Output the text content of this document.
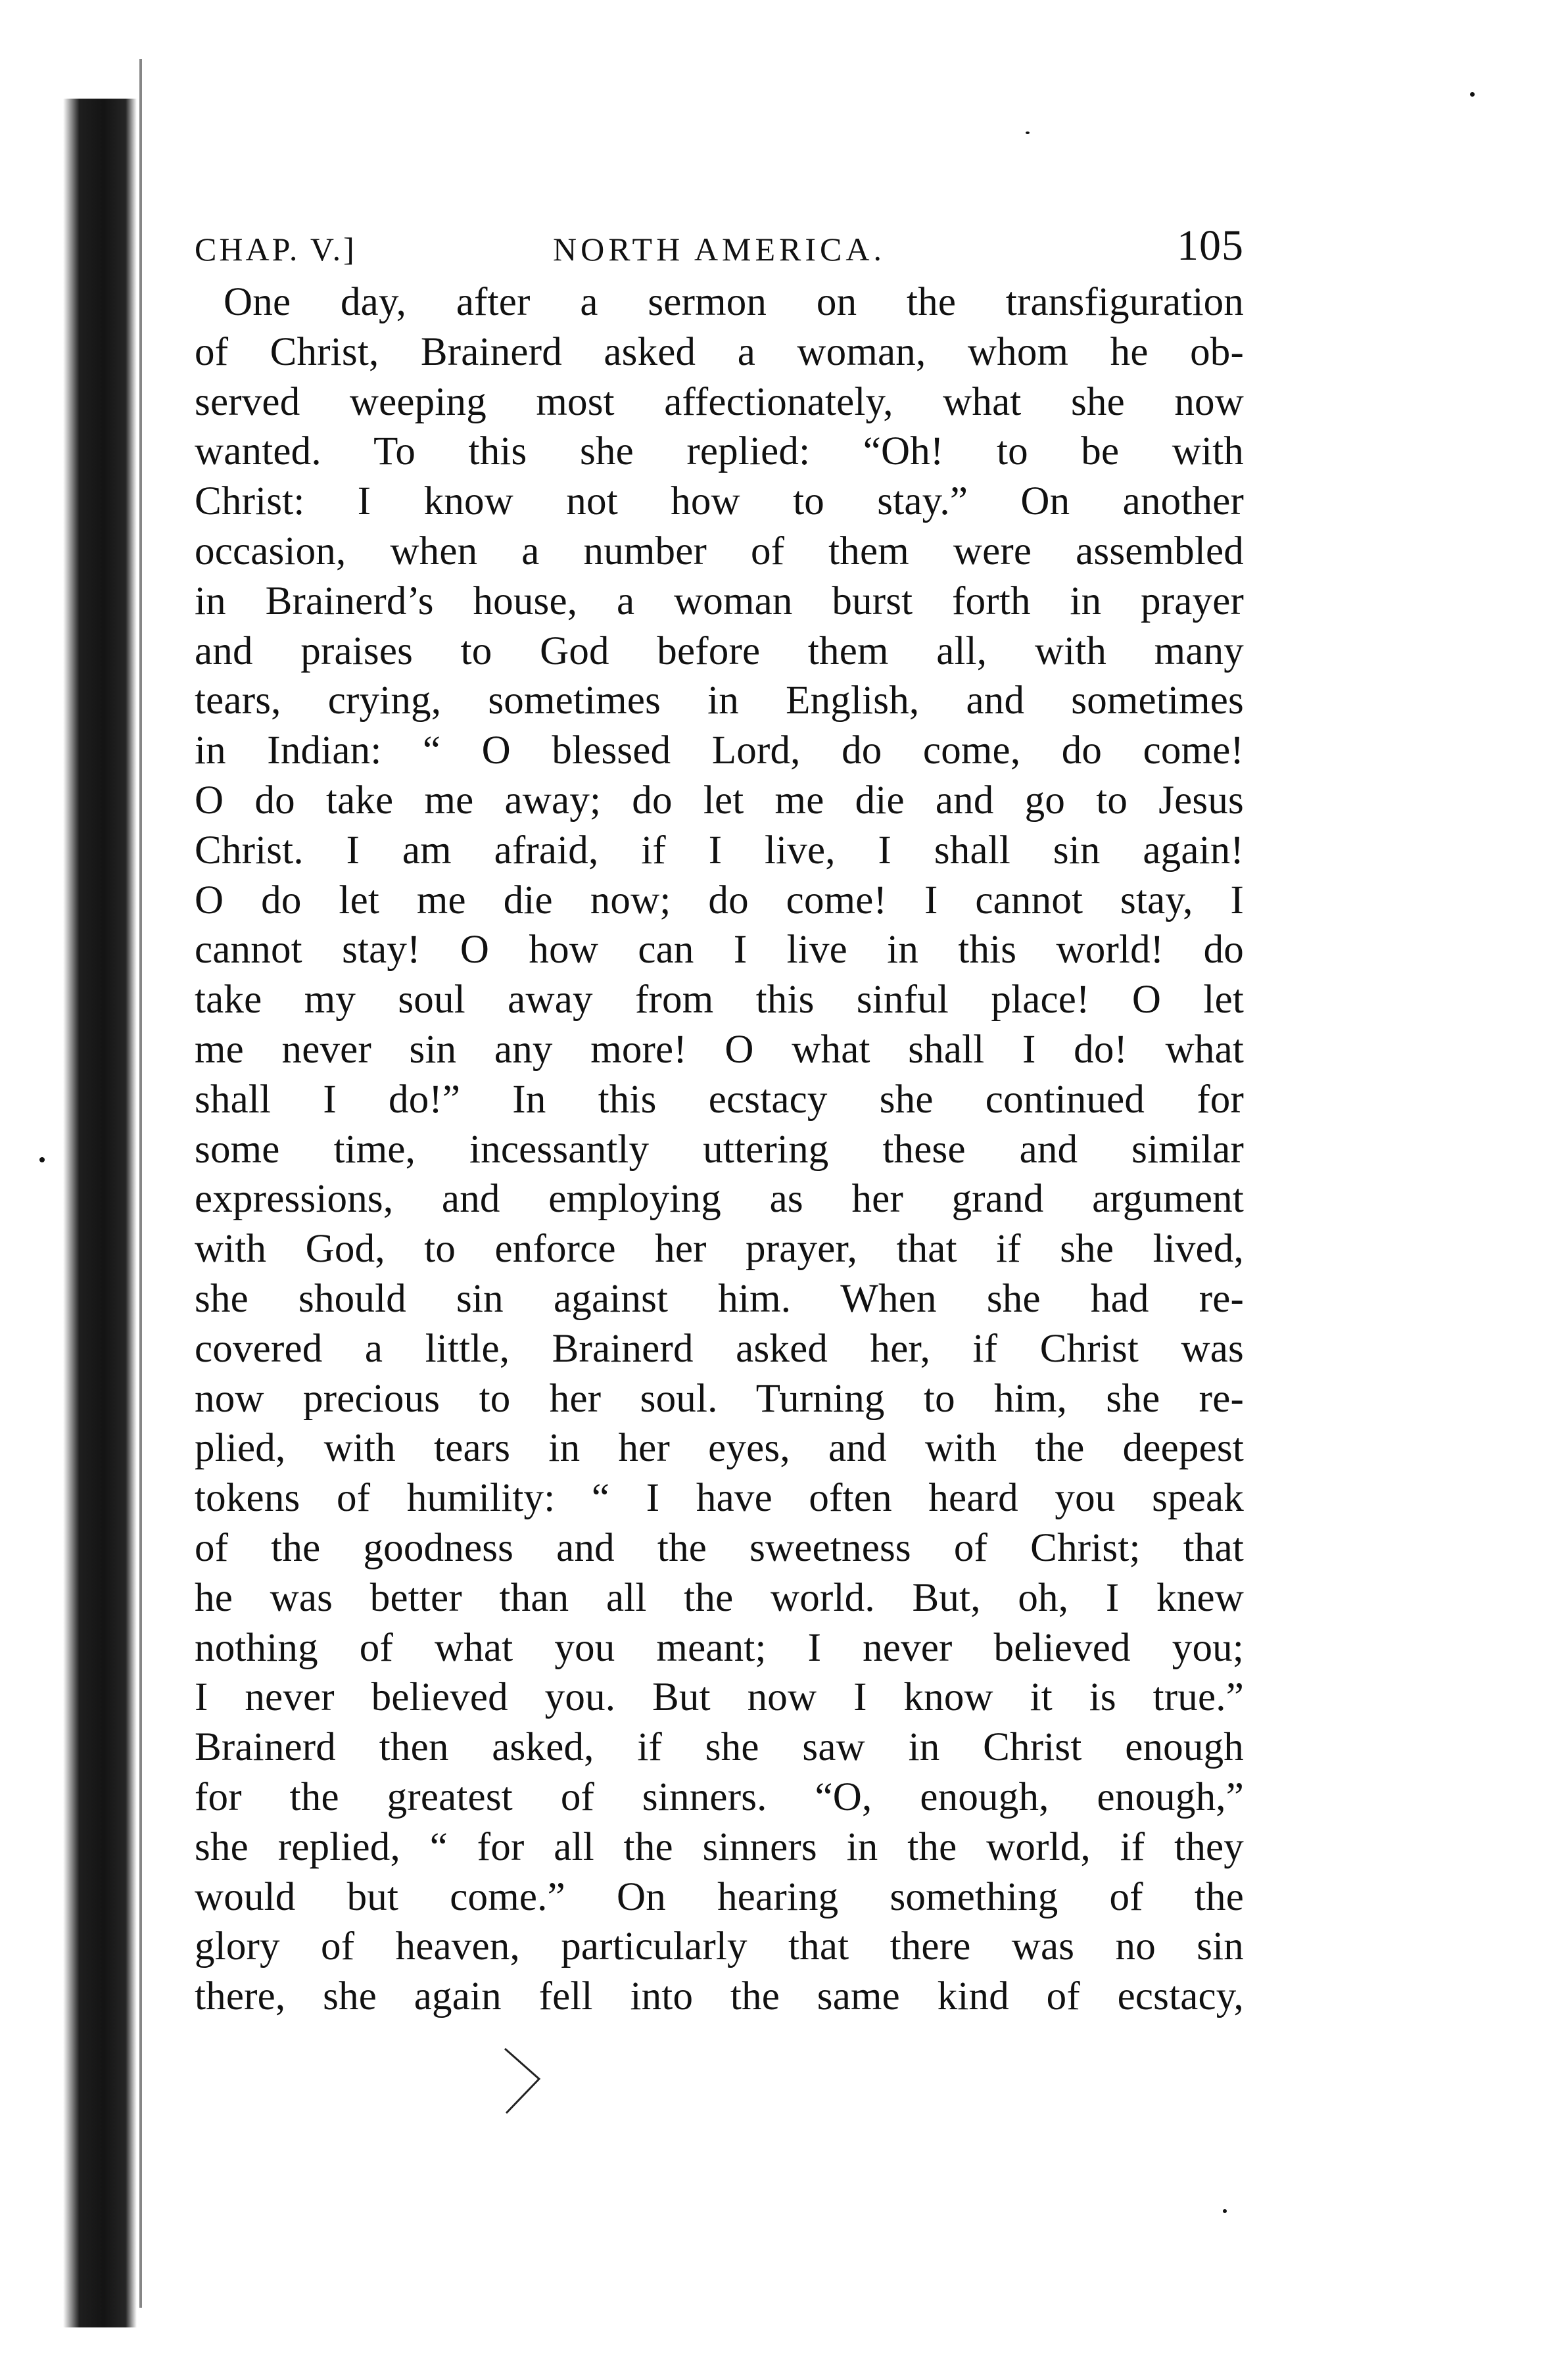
CHAP. V.]	NORTH AMERICA.	105
One day, after a sermon on the transfiguration
of Christ, Brainerd asked a woman, whom he ob-
served weeping most affectionately, what she now
wanted. To this she replied: “Oh! to be with
Christ: I know not how to stay.” On another
occasion, when a number of them were assembled
in Brainerd’s house, a woman burst forth in prayer
and praises to God before them all, with many
tears, crying, sometimes in English, and sometimes
in Indian: “ O blessed Lord, do come, do come!
O do take me away; do let me die and go to Jesus
Christ. I am afraid, if I live, I shall sin again!
O do let me die now; do come! I cannot stay, I
cannot stay! O how can I live in this world! do
take my soul away from this sinful place! O let
me never sin any more! O what shall I do! what
shall I do!” In this ecstacy she continued for
some time, incessantly uttering these and similar
expressions, and employing as her grand argument
with God, to enforce her prayer, that if she lived,
she should sin against him. When she had re-
covered a little, Brainerd asked her, if Christ was
now precious to her soul. Turning to him, she re-
plied, with tears in her eyes, and with the deepest
tokens of humility: “ I have often heard you speak
of the goodness and the sweetness of Christ; that
he was better than all the world. But, oh, I knew
nothing of what you meant; I never believed you;
I never believed you. But now I know it is true.”
Brainerd then asked, if she saw in Christ enough
for the greatest of sinners. “O, enough, enough,”
she replied, “ for all the sinners in the world, if they
would but come.” On hearing something of the
glory of heaven, particularly that there was no sin
there, she again fell into the same kind of ecstacy,
